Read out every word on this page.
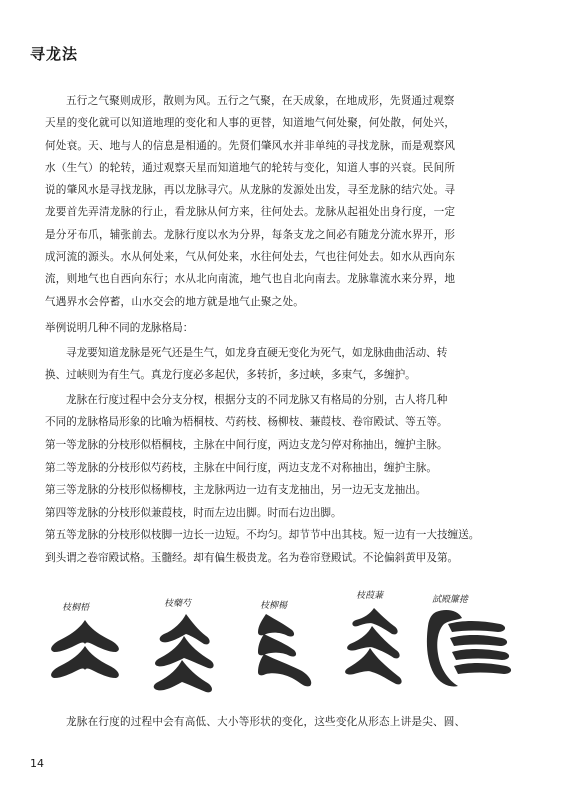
寻龙法
五行之气聚则成形，散则为风。五行之气聚，在天成象，在地成形，先贤通过观察
天星的变化就可以知道地理的变化和人事的更替，知道地气何处聚，何处散，何处兴，
何处衰。天、地与人的信息是相通的。先贤们肇风水并非单纯的寻找龙脉，而是观察风
水（生气）的轮转，通过观察天星而知道地气的轮转与变化，知道人事的兴衰。民间所
说的肇风水是寻找龙脉，再以龙脉寻穴。从龙脉的发源处出发，寻至龙脉的结穴处。寻
龙要首先弄清龙脉的行止，看龙脉从何方来，往何处去。龙脉从起祖处出身行度，一定
是分牙布爪，辅张前去。龙脉行度以水为分界，每条支龙之间必有随龙分流水界开，形
成河流的源头。水从何处来，气从何处来，水往何处去，气也往何处去。如水从西向东
流，则地气也自西向东行；水从北向南流，地气也自北向南去。龙脉靠流水来分界，地
气遇界水会停蓄，山水交会的地方就是地气止聚之处。
举例说明几种不同的龙脉格局：
寻龙要知道龙脉是死气还是生气，如龙身直硬无变化为死气，如龙脉曲曲活动、转
换、过峡则为有生气。真龙行度必多起伏，多转折，多过峡，多束气，多缠护。
龙脉在行度过程中会分支分杈，根据分支的不同龙脉又有格局的分别，古人将几种
不同的龙脉格局形象的比喻为梧桐枝、芍药枝、杨柳枝、蒹葭枝、卷帘殿试、等五等。
第一等龙脉的分枝形似梧桐枝，主脉在中间行度，两边支龙匀停对称抽出，缠护主脉。
第二等龙脉的分枝形似芍药枝，主脉在中间行度，两边支龙不对称抽出，缠护主脉。
第三等龙脉的分枝形似杨柳枝，主龙脉两边一边有支龙抽出，另一边无支龙抽出。
第四等龙脉的分枝形似兼葭枝，时而左边出脚。时而右边出脚。
第五等龙脉的分枝形似枝脚一边长一边短。不均匀。却节节中出其枝。短一边有一大技缠送。
到头谓之卷帘殿试格。玉髓经。却有偏生极贵龙。名为卷帘登殿试。不论偏斜黄甲及第。
枝桐梧	枝藥芍	枝柳楊
枝葭蒹	試殿簾捲
龙脉在行度的过程中会有高低、大小等形状的变化，这些变化从形态上讲是尖、圆、
14
